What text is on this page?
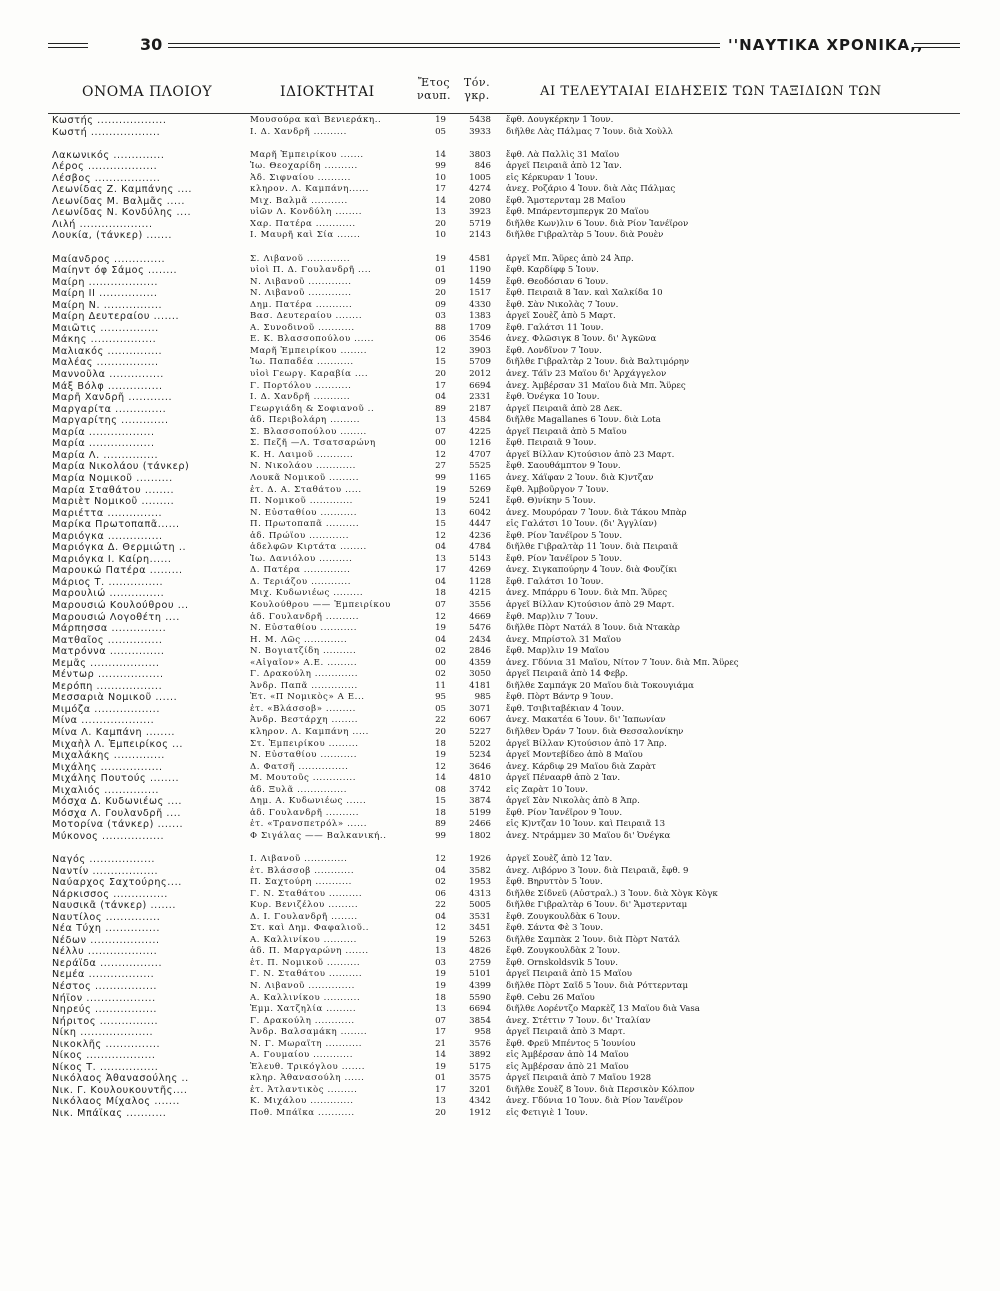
30	''ΝΑΥΤΙΚΑ ΧΡΟΝΙΚΑ,,
ΟΝΟΜΑ ΠΛΟΙΟΥ	ΙΔΙΟΚΤΗΤΑΙ
Ἔτος
ναυπ.
Τόν.
γκρ.	ΑΙ ΤΕΛΕΥΤΑΙΑΙ ΕΙΔΗΣΕΙΣ ΤΩΝ ΤΑΞΙΔΙΩΝ ΤΩΝ
Κωστής ...................	Μουσούρα καὶ Βενιεράκη..	19	5438 ἔφθ. Δουγκέρκην 1 Ἰουν.
Κωστή ...................	Ι. Δ. Χανδρῆ ..........	05	3933 διῆλθε Λὰς Πάλμας 7 Ἰουν. διὰ Χοὺλλ
Λακωνικός ..............	Μαρῆ Ἐμπειρίκου .......	14	3803 ἔφθ. Λὰ Παλλὶς 31 Μαΐου
Λέρος ...................	Ἰω. Θεοχαρίδη ..........	99	846 ἀργεῖ Πειραιᾶ ἀπὸ 12 Ἰαν.
Λέσβος ..................	Ἀδ. Σιφναίου ..........	10	1005 εἰς Κέρκυραν 1 Ἰουν.
Λεωνίδας Ζ. Καμπάνης ....	κληρον. Λ. Καμπάνη......	17	4274 ἀνεχ. Ροζάριο 4 Ἰουν. διὰ Λὰς Πάλμας
Λεωνίδας Μ. Βαλμᾶς .....	Μιχ. Βαλμᾶ ...........	14	2080 ἔφθ. Ἄμστερνταμ 28 Μαΐου
Λεωνίδας Ν. Κονδύλης ....	υἱῶν Λ. Κονδύλη ........	13	3923 ἔφθ. Μπάρεντσμπεργκ 20 Μαΐου
Λιλή ....................	Χαρ. Πατέρα ............	20	5719 διῆλθε Κων)λιν 6 Ἰουν. διὰ Ρίον Ἰανέϊρον
Λουκία, (τάνκερ) .......	Ι. Μαυρῆ καὶ Σία .......	10	2143 διῆλθε Γιβραλτὰρ 5 Ἰουν. διὰ Ρουὲν
Μαίανδρος ..............	Σ. Λιβανοῦ .............	19	4581 ἀργεῖ Μπ. Ἄϋρες ἀπὸ 24 Ἀπρ.
Μαίηντ όφ Σάμος ........	υἱοὶ Π. Δ. Γουλανδρῆ ....	01	1190 ἔφθ. Καρδίφφ 5 Ἰουν.
Μαίρη ...................	Ν. Λιβανοῦ .............	09	1459 ἔφθ. Θεοδόσιαν 6 Ἰουν.
Μαίρη ΙΙ ................	Ν. Λιβανοῦ .............	20	1517 ἔφθ. Πειραιᾶ 8 Ἰαν. καὶ Χαλκίδα 10
Μαίρη Ν. ................	Δημ. Πατέρα ...........	09	4330 ἔφθ. Σὰν Νικολὰς 7 Ἰουν.
Μαίρη Δευτεραίου .......	Βασ. Δευτεραίου ........	03	1383 ἀργεῖ Σουὲζ ἀπὸ 5 Μαρτ.
Μαιῶτις ................	Α. Συνοδινοῦ ...........	88	1709 ἔφθ. Γαλάτσι 11 Ἰουν.
Μάκης ..................	Ε. Κ. Βλασσοπούλου ......	06	3546 ἀνεχ. Φλῶσιγκ 8 Ἰουν. δι' Ἀγκῶνα
Μαλιακός ...............	Μαρῆ Ἐμπειρίκου ........	12	3903 ἔφθ. Λονδῖνον 7 Ἰουν.
Μαλέας .................	Ἰω. Παπαδέα ...........	15	5709 διῆλθε Γιβραλτὰρ 2 Ἰουν. διὰ Βαλτιμόρην
Μαννοῦλα ...............	υἱοὶ Γεωργ. Καραβία ....	20	2012 ἀνεχ. Τάϊν 23 Μαΐου δι' Ἀρχάγγελον
Μάξ Βόλφ ...............	Γ. Πορτόλου ...........	17	6694 ἀνεχ. Ἀμβέρσαν 31 Μαΐου διὰ Μπ. Ἄϋρες
Μαρῆ Χανδρῆ ............	Ι. Δ. Χανδρῆ ...........	04	2331 ἔφθ. Ὀνέγκα 10 Ἰουν.
Μαργαρίτα ..............	Γεωργιάδη & Σοφιανοῦ ..	89	2187 ἀργεῖ Πειραιᾶ ἀπὸ 28 Δεκ.
Μαργαρίτης .............	ἀδ. Περιβολάρη .........	13	4584 διῆλθε Magallanes 6 Ἰουν. διὰ Lota
Μαρία ..................	Σ. Βλασσοπούλου ........	07	4225 ἀργεῖ Πειραιᾶ ἀπὸ 5 Μαΐου
Μαρία ..................	Σ. Πεζῆ —Λ. Τσατσαρώνη	00	1216 ἔφθ. Πειραιᾶ 9 Ἰουν.
Μαρία Λ. ...............	Κ. Η. Λαιμοῦ ...........	12	4707 ἀργεῖ Βίλλαν Κ)τούσιον ἀπὸ 23 Μαρτ.
Μαρία Νικολάου (τάνκερ)	Ν. Νικολάου ............	27	5525 ἔφθ. Σαουθάμπτον 9 Ἰουν.
Μαρία Νομικοῦ ..........	Λουκᾶ Νομικοῦ .........	99	1165 ἀνεχ. Χάϊφαν 2 Ἰουν. διὰ Κ)ντζαν
Μαρία Σταθάτου ........	ἐτ. Δ. Α. Σταθάτου .....	19	5269 ἔφθ. Ἀμβοῦργον 7 Ἰουν.
Μαριὲτ Νομικοῦ .........	Π. Νομικοῦ .............	19	5241 ἔφθ. Θ)νίκην 5 Ἰουν.
Μαριέττα ...............	Ν. Εὐσταθίου ...........	13	6042 ἀνεχ. Μουρόραν 7 Ἰουν. διὰ Τάκου Μπὰρ
Μαρίκα Πρωτοπαπᾶ......	Π. Πρωτοπαπᾶ ..........	15	4447 εἰς Γαλάτσι 10 Ἰουν. (δι' Ἀγγλίαν)
Μαριόγκα ...............	ἀδ. Πρώϊου ............	12	4236 ἔφθ. Ρίον Ἰανέϊρον 5 Ἰουν.
Μαριόγκα Δ. Θερμιώτη ..	ἀδελφῶν Κιρτάτα ........	04	4784 διῆλθε Γιβραλτὰρ 11 Ἰουν. διὰ Πειραιᾶ
Μαριόγκα Ι. Καίρη......	Ἰω. Δανιόλου ..........	13	5143 ἔφθ. Ρίον Ἰανέϊρον 5 Ἰουν.
Μαρουκώ Πατέρα .........	Δ. Πατέρα ..............	17	4269 ἀνεχ. Σιγκαπούρην 4 Ἰουν. διὰ Φουζίκι
Μάριος Τ. ...............	Δ. Τεριάζου ............	04	1128 ἔφθ. Γαλάτσι 10 Ἰουν.
Μαρουλιώ ...............	Μιχ. Κυδωνιέως .........	18	4215 ἀνεχ. Μπάρρυ 6 Ἰουν. διὰ Μπ. Ἄϋρες
Μαρουσιώ Κουλούθρου ...	Κουλούθρου —— Ἐμπειρίκου	07	3556 ἀργεῖ Βίλλαν Κ)τούσιον ἀπὸ 29 Μαρτ.
Μαρουσιώ Λογοθέτη ....	ἀδ. Γουλανδρῆ ..........	12	4669 ἔφθ. Μαρ)λιν 7 Ἰουν.
Μάρπησσα ...............	Ν. Εὐσταθίου ...........	19	5476 διῆλθε Πὸρτ Νατάλ 8 Ἰουν. διὰ Ντακὰρ
Ματθαῖος ...............	Η. Μ. Λῶς .............	04	2434 ἀνεχ. Μπρίστολ 31 Μαΐου
Ματρόννα ...............	Ν. Βογιατζίδη ..........	02	2846 ἔφθ. Μαρ)λιν 19 Μαΐου
Μεμᾶς ...................	«Αἰγαῖον» Α.Ε. .........	00	4359 ἀνεχ. Γδύνια 31 Μαΐου, Νίτον 7 Ἰουν. διὰ Μπ. Ἄϋρες
Μέντωρ ..................	Γ. Δρακούλη .............	02	3050 ἀργεῖ Πειραιᾶ ἀπὸ 14 Φεβρ.
Μερόπη ..................	Ἀνδρ. Παπᾶ ..............	11	4181 διῆλθε Σαμπάγκ 20 Μαΐου διὰ Τοκουγιάμα
Μεσσαριὰ Νομικοῦ ......	Ἐτ. «Π Νομικὸς» Α Ε...	95	985 ἔφθ. Πὸρτ Βάντρ 9 Ἰουν.
Μιμόζα ..................	ἐτ. «Βλάσσοβ» .........	05	3071 ἔφθ. Τσιβιταβέκιαν 4 Ἰουν.
Μίνα ....................	Ἀνδρ. Βεστάρχη ........	22	6067 ἀνεχ. Μακατέα 6 Ἰουν. δι' Ἰαπωνίαν
Μίνα Λ. Καμπάνη ........	κληρον. Λ. Καμπάνη .....	20	5227 διῆλθεν Ὀράν 7 Ἰουν. διὰ Θεσσαλονίκην
Μιχαὴλ Λ. Ἐμπειρίκος ...	Στ. Ἐμπειρίκου .........	18	5202 ἀργεῖ Βίλλαν Κ)τούσιον ἀπὸ 17 Ἀπρ.
Μιχαλάκης ..............	Ν. Εὐσταθίου ...........	19	5234 ἀργεῖ Μοντεβίδεο ἀπὸ 8 Μαΐου
Μιχάλης .................	Δ. Φατσῆ ...............	12	3646 ἀνεχ. Κάρδιφ 29 Μαΐου διὰ Ζαρὰτ
Μιχάλης Πουτούς ........	Μ. Μουτοῦς .............	14	4810 ἀργεῖ Πένααρθ ἀπὸ 2 Ἰαν.
Μιχαλιός ...............	ἀδ. Ξυλᾶ ...............	08	3742 εἰς Ζαρὰτ 10 Ἰουν.
Μόσχα Δ. Κυδωνιέως ....	Δημ. Α. Κυδωνιέως ......	15	3874 ἀργεῖ Σὰν Νικολὰς ἀπὸ 8 Ἀπρ.
Μόσχα Λ. Γουλανδρῆ ....	ἀδ. Γουλανδρῆ ..........	18	5199 ἔφθ. Ρίον Ἰανέϊρον 9 Ἰουν.
Μοτορίνα (τάνκερ) .......	ἐτ. «Τρανσπετρόλ» ......	89	2466 εἰς Κ)ντζαν 10 Ἰουν. καὶ Πειραιᾶ 13
Μύκονος .................	Φ Σιγάλας —— Βαλκανική..	99	1802 ἀνεχ. Ντράμμεν 30 Μαΐου δι' Ὀνέγκα
Ναγός ..................	Ι. Λιβανοῦ .............	12	1926 ἀργεῖ Σουὲζ ἀπὸ 12 Ἰαν.
Ναντίν ..................	ἐτ. Βλάσσοβ ............	04	3582 ἀνεχ. Λιβόρνο 3 Ἰουν. διὰ Πειραιᾶ, ἔφθ. 9
Ναύαρχος Σαχτούρης....	Π. Σαχτούρη ...........	02	1953 ἔφθ. Βηρυττὸν 5 Ἰουν.
Νάρκισσος ...............	Γ. Ν. Σταθάτου ..........	06	4313 διῆλθε Σίδνεϋ (Αὐστραλ.) 3 Ἰουν. διὰ Χὸγκ Κὸγκ
Ναυσικᾶ (τάνκερ) .......	Κυρ. Βενιζέλου .........	22	5005 διῆλθε Γιβραλτὰρ 6 Ἰουν. δι' Ἄμστερνταμ
Ναυτίλος ...............	Δ. Ι. Γουλανδρῆ ........	04	3531 ἔφθ. Ζουγκουλδὰκ 6 Ἰουν.
Νέα Τύχη ...............	Στ. καὶ Δημ. Φαφαλιοῦ..	12	3451 ἔφθ. Σάντα Φὲ 3 Ἰουν.
Νέδων ...................	Α. Καλλινίκου ..........	19	5263 διῆλθε Σαμπὰκ 2 Ἰουν. διὰ Πὸρτ Νατάλ
Νέλλυ ...................	ἀδ. Π. Μαργαρώνη .......	13	4826 ἔφθ. Ζουγκουλδὰκ 2 Ἰουν.
Νεράϊδα .................	ἐτ. Π. Νομικοῦ ..........	03	2759 ἔφθ. Ornskoldsvik 5 Ἰουν.
Νεμέα ..................	Γ. Ν. Σταθάτου ..........	19	5101 ἀργεῖ Πειραιᾶ ἀπὸ 15 Μαΐου
Νέστος .................	Ν. Λιβανοῦ ..............	19	4399 διῆλθε Πὸρτ Σαΐδ 5 Ἰουν. διὰ Ρόττερνταμ
Νήϊον ...................	Α. Καλλινίκου ...........	18	5590 ἔφθ. Cebu 26 Μαΐου
Νηρεύς .................	Ἐμμ. Χατζηλία .........	13	6694 διῆλθε Λορέντζο Μαρκὲζ 13 Μαΐου διὰ Vasa
Νήριτος ................	Γ. Δρακούλη ............	07	3854 ἀνεχ. Στέττιν 7 Ἰουν. δι' Ἰταλίαν
Νίκη ....................	Ἀνδρ. Βαλσαμάκη ........	17	958 ἀργεῖ Πειραιᾶ ἀπὸ 3 Μαρτ.
Νικοκλῆς ...............	Ν. Γ. Μωραΐτη ...........	21	3576 ἔφθ. Φρεϋ Μπέντος 5 Ἰουνίου
Νίκος ...................	Α. Γουμαίου ............	14	3892 εἰς Ἀμβέρσαν ἀπὸ 14 Μαΐου
Νίκος Τ. ................	Ἐλευθ. Τρικόγλου .......	19	5175 εἰς Ἀμβέρσαν ἀπὸ 21 Μαΐου
Νικόλαος Ἀθανασούλης ..	κληρ. Ἀθανασούλη ......	01	3575 ἀργεῖ Πειραιᾶ ἀπὸ 7 Μαΐου 1928
Νικ. Γ. Κουλουκουντῆς....	ἐτ. Ἀτλαντικὸς .........	17	3201 διῆλθε Σουὲζ 8 Ἰουν. διὰ Περσικὸν Κόλπον
Νικόλαος Μίχαλος .......	Κ. Μιχάλου .............	13	4342 ἀνεχ. Γδύνια 10 Ἰουν. διὰ Ρίον Ἰανέϊρον
Νικ. Μπάϊκας ...........	Ποθ. Μπάϊκα ...........	20	1912 εἰς Φετιγιὲ 1 Ἰουν.
